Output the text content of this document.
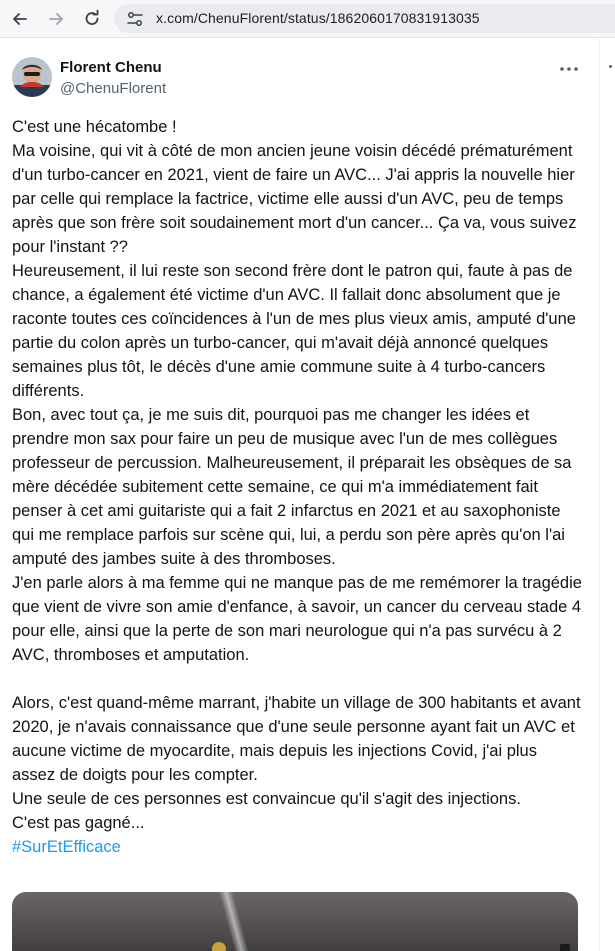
x.com/ChenuFlorent/status/1862060170831913035
Florent Chenu
@ChenuFlorent

C'est une hécatombe !

Ma voisine, qui vit à côté de mon ancien jeune voisin décédé prématurément d'un turbo-cancer en 2021, vient de faire un AVC... J'ai appris la nouvelle hier par celle qui remplace la factrice, victime elle aussi d'un AVC, peu de temps après que son frère soit soudainement mort d'un cancer... Ça va, vous suivez pour l'instant ??

Heureusement, il lui reste son second frère dont le patron qui, faute à pas de chance, a également été victime d'un AVC. Il fallait donc absolument que je raconte toutes ces coïncidences à l'un de mes plus vieux amis, amputé d'une partie du colon après un turbo-cancer, qui m'avait déjà annoncé quelques semaines plus tôt, le décès d'une amie commune suite à 4 turbo-cancers différents.

Bon, avec tout ça, je me suis dit, pourquoi pas me changer les idées et prendre mon sax pour faire un peu de musique avec l'un de mes collègues professeur de percussion. Malheureusement, il préparait les obsèques de sa mère décédée subitement cette semaine, ce qui m'a immédiatement fait penser à cet ami guitariste qui a fait 2 infarctus en 2021 et au saxophoniste qui me remplace parfois sur scène qui, lui, a perdu son père après qu'on l'ai amputé des jambes suite à des thromboses.

J'en parle alors à ma femme qui ne manque pas de me remémorer la tragédie que vient de vivre son amie d'enfance, à savoir, un cancer du cerveau stade 4 pour elle, ainsi que la perte de son mari neurologue qui n'a pas survécu à 2 AVC, thromboses et amputation.

Alors, c'est quand-même marrant, j'habite un village de 300 habitants et avant 2020, je n'avais connaissance que d'une seule personne ayant fait un AVC et aucune victime de myocardite, mais depuis les injections Covid, j'ai plus assez de doigts pour les compter.

Une seule de ces personnes est convaincue qu'il s'agit des injections.

C'est pas gagné...

#SurEtEfficace
